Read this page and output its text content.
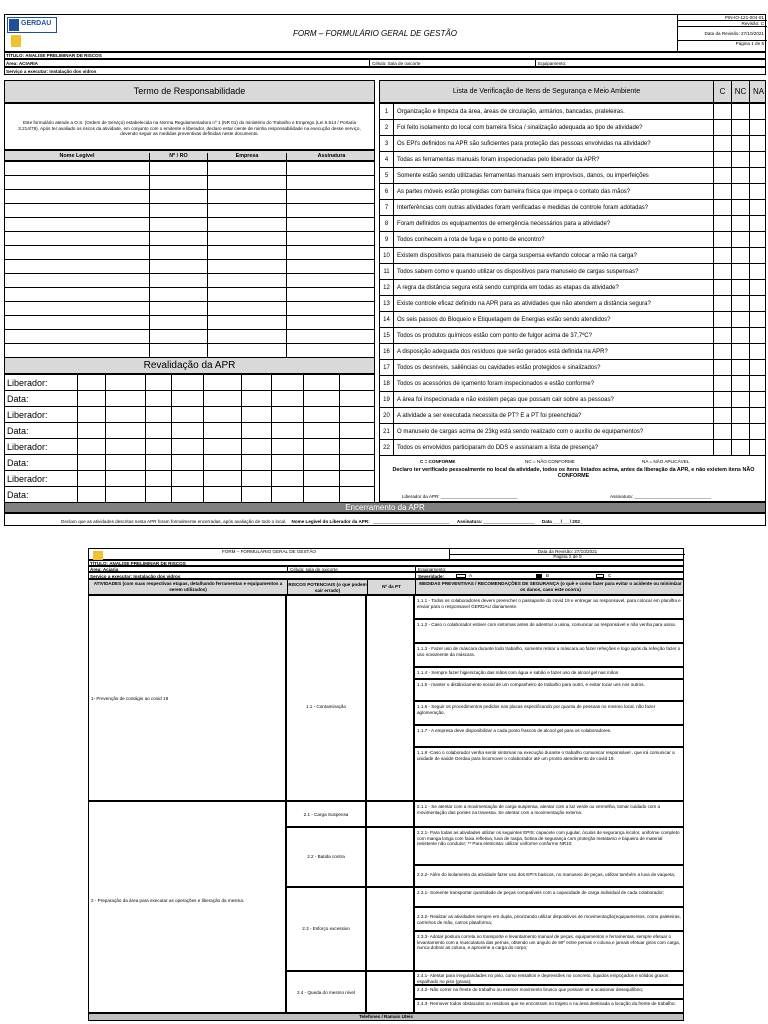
GERDAU
FORM – FORMULÁRIO GERAL DE GESTÃO
PIN-IO-121-004-01
Revisão: C
Data da Revisão: 27/10/2021
Página 1 de 5
TÍTULO: ANALISE PRELIMINAR DE RISCOS
Área: ACIARIA	Célula: Sala de oxicorte	Equipamento:
Serviço a executar: Instalação dos vidros
Termo de Responsabilidade
Este formulário atende a O.S. (Ordem de Serviço) estabelecida na Norma Regulamentadora nº 1 (NR 01) do ministério do Trabalho e Emprego (Lei 6.514 / Portaria 3.214/78). Após ter avaliado os riscos da atividade, em conjunto com o emitente e liberador, declaro estar ciente de minha responsabilidade na execução desse serviço, devendo seguir as medidas preventivas definidas neste documento.
Nome Legível	Nº / RO	Empresa	Assinatura
Revalidação da APR
Liberador:
Data:
Liberador:
Data:
Liberador:
Data:
Liberador:
Data:
Lista de Verificação de Itens de Segurança e Meio Ambiente	C	NC NA
1	Organização e limpeza da área, áreas de circulação, armários, bancadas, prateleiras.
2	Foi feito isolamento do local com barreira física / sinalização adequada ao tipo de atividade?
3	Os EPI's definidos na APR são suficientes para proteção das pessoas envolvidas na atividade?
4	Todas as ferramentas manuais foram inspecionadas pelo liberador da APR?
5	Somente estão sendo utilizadas ferramentas manuais sem improvisos, danos, ou imperfeições
6	As partes móveis estão protegidas com barreira física que impeça o contato das mãos?
7	Interferências com outras atividades foram verificadas e medidas de controle foram adotadas?
8	Foram definidos os equipamentos de emergência necessários para a atividade?
9	Todos conhecem a rota de fuga e o ponto de encontro?
10	Existem dispositivos para manuseio de carga suspensa evitando colocar a mão na carga?
11	Todos sabem como e quando utilizar os dispositivos para manuseio de cargas suspensas?
12	A regra da distância segura está sendo cumprida em todas as etapas da atividade?
13	Existe controle eficaz definido na APR para as atividades que não atendem a distância segura?
14	Os seis passos do Bloqueio e Etiquetagem de Energias estão sendo atendidos?
15	Todos os produtos químicos estão com ponto de fulgor acima de 37,7ºC?
16	A disposição adequada dos resíduos que serão gerados está definida na APR?
17	Todos os desníveis, saliências ou cavidades estão protegidos e sinalizados?
18	Todos os acessórios de içamento foram inspecionados e estão conforme?
19	A área foi inspecionada e não existem peças que possam cair sobre as pessoas?
20	A atividade a ser executada necessita de PT? E a PT foi preenchida?
21	O manuseio de cargas acima de 23kg está sendo realizado com o auxílio de equipamentos?
22	Todos os envolvidos participaram do DDS e assinaram a lista de presença?
C = CONFORME	NC = NÃO CONFORME	NA = NÃO APLICÁVEL
Declaro ter verificado pessoalmente no local da atividade, todos os itens listados acima, antes da liberação da APR, e não existem itens NÃO CONFORME
Liberador da APR: ______________________________	Assinatura: ______________________________
Encerramento da APR
Declaro que as atividades descritas nesta APR foram formalmente encerradas, após avaliação de todo o local. Nome Legível do Liberador da APR: ______________________________ Assinatura: ____________________ Data ___/___/ 202_
FORM – FORMULÁRIO GERAL DE GESTÃO	Data da Revisão: 27/10/2021
Página 2 de 5
TÍTULO: ANALISE PRELIMINAR DE RISCOS
Área: Aciaria	Célula: sala de oxicorte	Equipamento:
Serviço a executar: Instalação dos vidros	Severidade:	A	B	C
ATIVIDADES (com suas respectivas etapas, detalhando ferramentas e equipamentos a serem utilizados)
RISCOS POTENCIAIS (o que podem sair errado)
Nº da PT
MEDIDAS PREVENTIVAS / RECOMENDAÇÕES DE SEGURANÇA (o quê e como fazer para evitar o acidente ou minimizar os danos, caso este ocorra)
1- Prevenção de contágio ao covid 19
1.1 - Contaminação
1.1.1 - Todos os colaboradores devem preencher o passaporte do covid 19 e entregar ao responsavel, para colocar em planilha e enviar para o responsavel GERDAU diariamente.
1.1.2 - Caso o colaborador estiver com sintomas antes de adentrar a usina, comunicar ao responsável e não venha para usina.
1.1.3 - Fazer uso de máscara durante todo trabalho, somente retirar a máscara ao fazer refeições e logo após da refeição fazer o uso novamente da máscara.
1.1.4 - Sempre fazer higienização das mãos com água e sabão e fazer uso de alcool gel nas mãos
1.1.5 - manter o distânciamento social de um companheiro de trabalho para outro, e evitar tocar uns nos outros.
1.1.6 - Seguir os procedimentos pedidos nas placas especificando por quanta de pessoas no mesmo local, não fazer aglomeração.
1.1.7 - A empresa deve disponibilizar a cada ponto frascos de alcool gel para os colaboradores.
1.1.8 -Caso o colaborador venha sentir sintomas na execução durante o trabalho comunicar responsável , que irá comunicar a unidade de saúde Gerdau para locomover o colaborador até um pronto atendimento de covid 19.
2 - Preparação da área para executar as operações e liberação da mesma.
2.1 - Carga Suspensa
2.1.1 - Se atentar com a movimentação de carga suspensa, atentar com a luz verde ou vermelha, tomar cuidado com a movimentação das pontes na travessa. Se atentar com a movimentação externa.
2.2 - Batida contra
2.2.1- Para todas as atividades utilizar os seguintes EPIS: capacete com jugular, óculos de segurança incolor, uniforme completo com manga longa com faixa refletiva, luva de raspa, botina de segurança com proteção metatarso e biqueira de material resistente não condutor; ** Para eletricista: utilizar uniforme conforme NR10;
2.2.2- Além do isolamento da atividade fazer uso dos EPI's basicos, no manuseio de peças, utilizar também a luva de vaqueta;
2.3 - Esforço excessivo
2.3.1- Somente transportar quantidade de peças compatíveis com a capacidade de carga individual de cada colaborador;
2.3.2- Realizar as atividades sempre em dupla, priorizando utilizar dispositivos de movimentação(equipamentos, como paleteiras, carrinhos de mão, carros plataforma;
2.3.3- Adotar postura correta no transporte e levantamento manual de peças, equipamentos e ferramentas, sempre efetuar o levantamento com a musculatura das pernas, obtendo um angulo de 90º entre pernas e coluna,e jamais efetuar giros com carga, nunca dobrar as coluna, e aproxime a carga do corpo;
2.4 - Queda do mesmo nível
2.4.1- Atentar para irregularidades no piso, como ressaltos e depressões no concreto, líquidos empoçados e sólidos graxos espalhado no piso (graxa);
2.4.2- Não correr na frente de trabalho ou exercer movimento brusco que possam vir a ocasionar desequilíbrio;
2.4.3- Remover todos obstaculos ou residuos que se encontram no trajeto e na área destinada a locação da frente de trabalho;
Telefones / Ramais Úteis
